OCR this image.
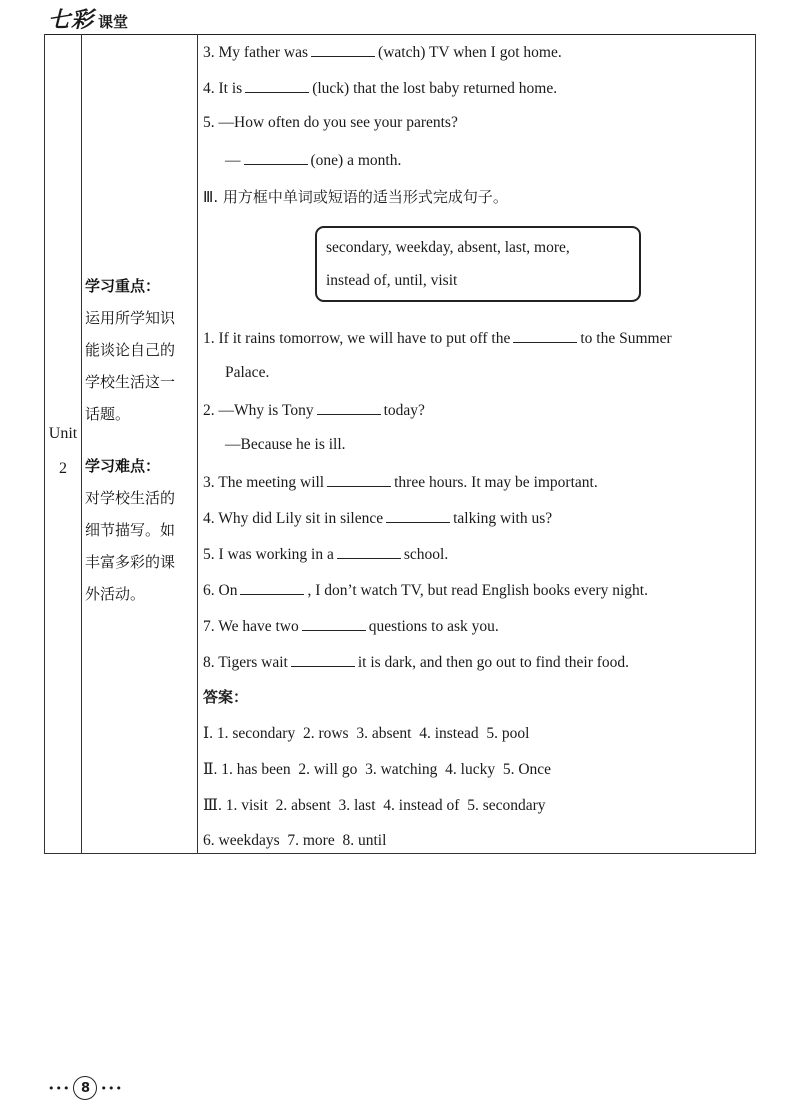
七彩 课堂
Unit
2
学习重点：
运用所学知识
能谈论自己的
学校生活这一
话题。
学习难点：
对学校生活的
细节描写。如
丰富多彩的课
外活动。
3. My father was	(watch) TV when I got home.
4. It is	(luck) that the lost baby returned home.
5. —How often do you see your parents?
—	(one) a month.
Ⅲ. 用方框中单词或短语的适当形式完成句子。
secondary, weekday, absent, last, more,
instead of, until, visit
1. If it rains tomorrow, we will have to put off the	to the Summer
Palace.
2. —Why is Tony	today?
—Because he is ill.
3. The meeting will	three hours. It may be important.
4. Why did Lily sit in silence	talking with us?
5. I was working in a	school.
6. On	, I don’t watch TV, but read English books every night.
7. We have two	questions to ask you.
8. Tigers wait	it is dark, and then go out to find their food.
答案：
Ⅰ. 1. secondary  2. rows  3. absent  4. instead  5. pool
Ⅱ. 1. has been  2. will go  3. watching  4. lucky  5. Once
Ⅲ. 1. visit  2. absent  3. last  4. instead of  5. secondary
6. weekdays  7. more  8. until
••• 8 •••
